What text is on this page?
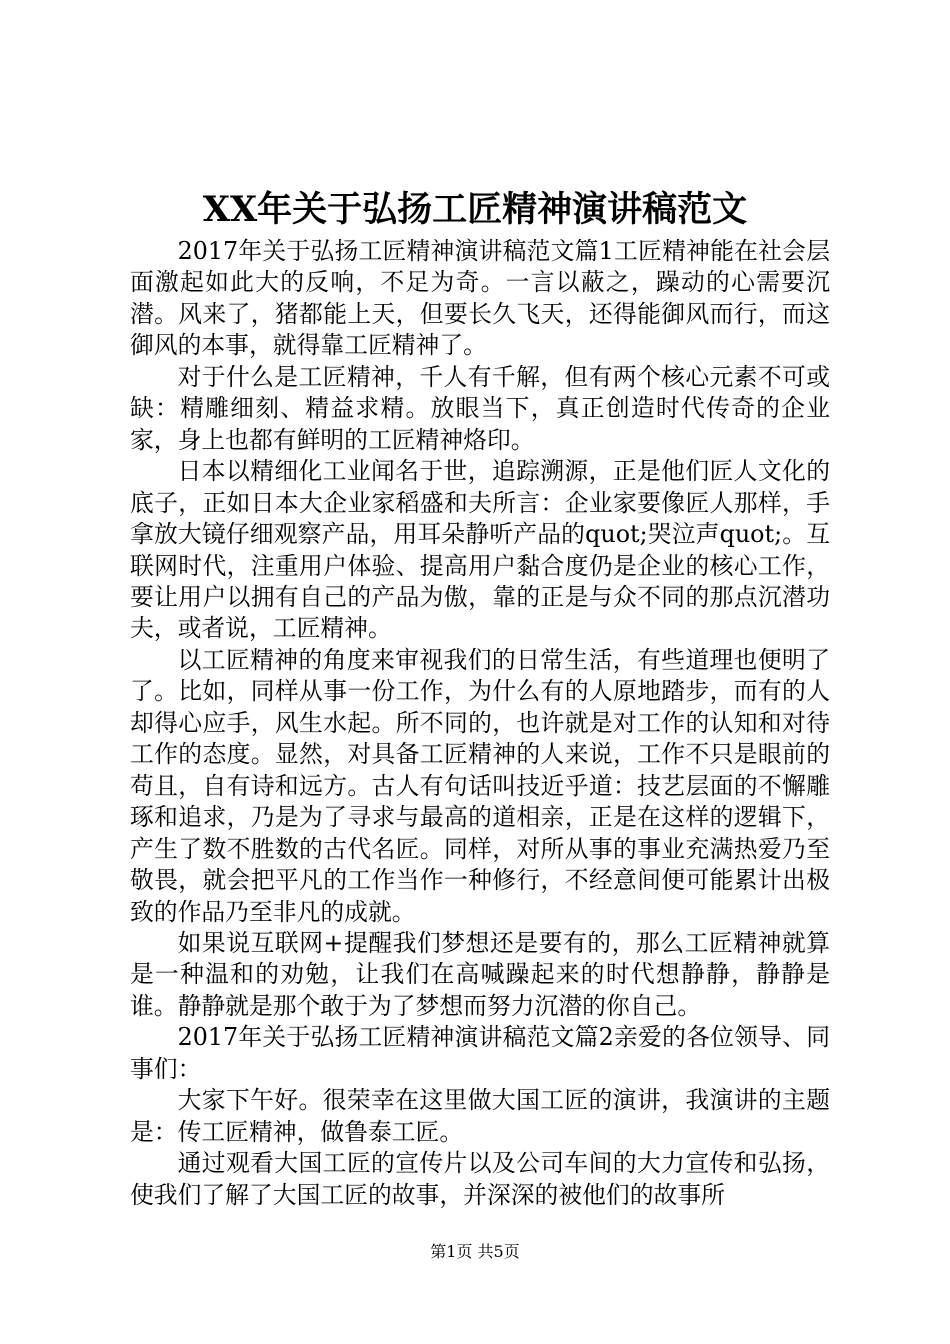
XX年关于弘扬工匠精神演讲稿范文

2017年关于弘扬工匠精神演讲稿范文篇1工匠精神能在社会层面激起如此大的反响，不足为奇。一言以蔽之，躁动的心需要沉潜。风来了，猪都能上天，但要长久飞天，还得能御风而行，而这御风的本事，就得靠工匠精神了。

对于什么是工匠精神，千人有千解，但有两个核心元素不可或缺：精雕细刻、精益求精。放眼当下，真正创造时代传奇的企业家，身上也都有鲜明的工匠精神烙印。

日本以精细化工业闻名于世，追踪溯源，正是他们匠人文化的底子，正如日本大企业家稻盛和夫所言：企业家要像匠人那样，手拿放大镜仔细观察产品，用耳朵静听产品的quot;哭泣声quot;。互联网时代，注重用户体验、提高用户黏合度仍是企业的核心工作，要让用户以拥有自己的产品为傲，靠的正是与众不同的那点沉潜功夫，或者说，工匠精神。

以工匠精神的角度来审视我们的日常生活，有些道理也便明了了。比如，同样从事一份工作，为什么有的人原地踏步，而有的人却得心应手，风生水起。所不同的，也许就是对工作的认知和对待工作的态度。显然，对具备工匠精神的人来说，工作不只是眼前的苟且，自有诗和远方。古人有句话叫技近乎道：技艺层面的不懈雕琢和追求，乃是为了寻求与最高的道相亲，正是在这样的逻辑下，产生了数不胜数的古代名匠。同样，对所从事的事业充满热爱乃至敬畏，就会把平凡的工作当作一种修行，不经意间便可能累计出极致的作品乃至非凡的成就。

如果说互联网+提醒我们梦想还是要有的，那么工匠精神就算是一种温和的劝勉，让我们在高喊躁起来的时代想静静，静静是谁。静静就是那个敢于为了梦想而努力沉潜的你自己。

2017年关于弘扬工匠精神演讲稿范文篇2亲爱的各位领导、同事们：

大家下午好。很荣幸在这里做大国工匠的演讲，我演讲的主题是：传工匠精神，做鲁泰工匠。

通过观看大国工匠的宣传片以及公司车间的大力宣传和弘扬，使我们了解了大国工匠的故事，并深深的被他们的故事所

第1页 共5页
